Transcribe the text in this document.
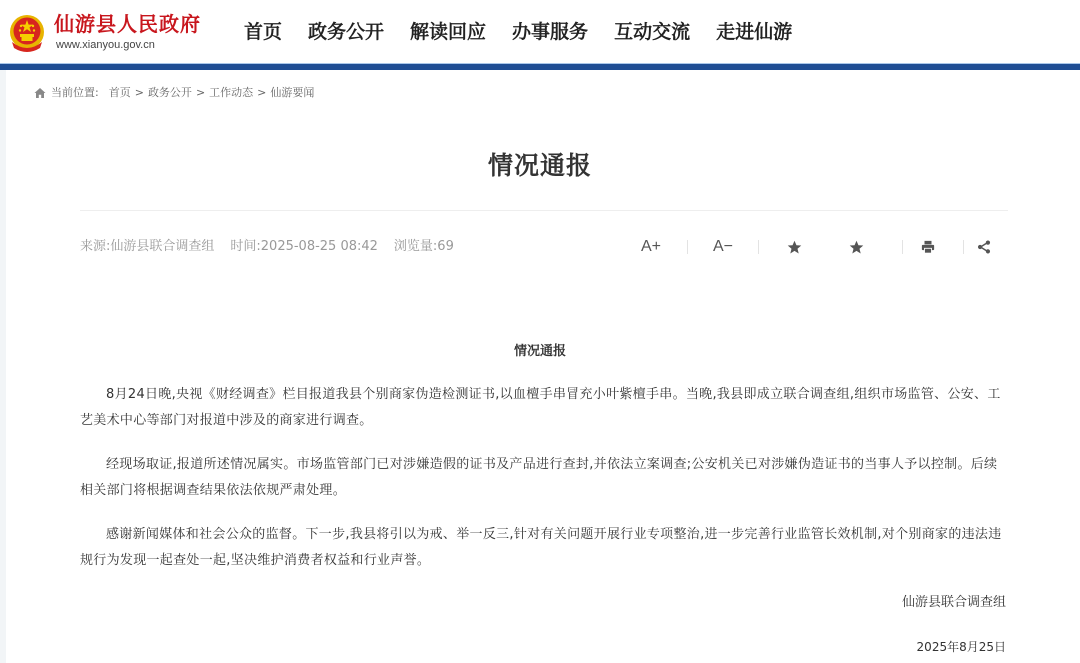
仙游县人民政府
www.xianyou.gov.cn
首页 政务公开 解读回应 办事服务 互动交流 走进仙游
当前位置: 首页 > 政务公开 > 工作动态 > 仙游要闻
情况通报
来源:仙游县联合调查组 时间:2025-08-25 08:42 浏览量:69	A+	A−
情况通报

8月24日晚,央视《财经调查》栏目报道我县个别商家伪造检测证书,以血檀手串冒充小叶紫檀手串。当晚,我县即成立联合调查组,组织市场监管、公安、工艺美术中心等部门对报道中涉及的商家进行调查。

经现场取证,报道所述情况属实。市场监管部门已对涉嫌造假的证书及产品进行查封,并依法立案调查;公安机关已对涉嫌伪造证书的当事人予以控制。后续相关部门将根据调查结果依法依规严肃处理。

感谢新闻媒体和社会公众的监督。下一步,我县将引以为戒、举一反三,针对有关问题开展行业专项整治,进一步完善行业监管长效机制,对个别商家的违法违规行为发现一起查处一起,坚决维护消费者权益和行业声誉。

仙游县联合调查组
2025年8月25日
